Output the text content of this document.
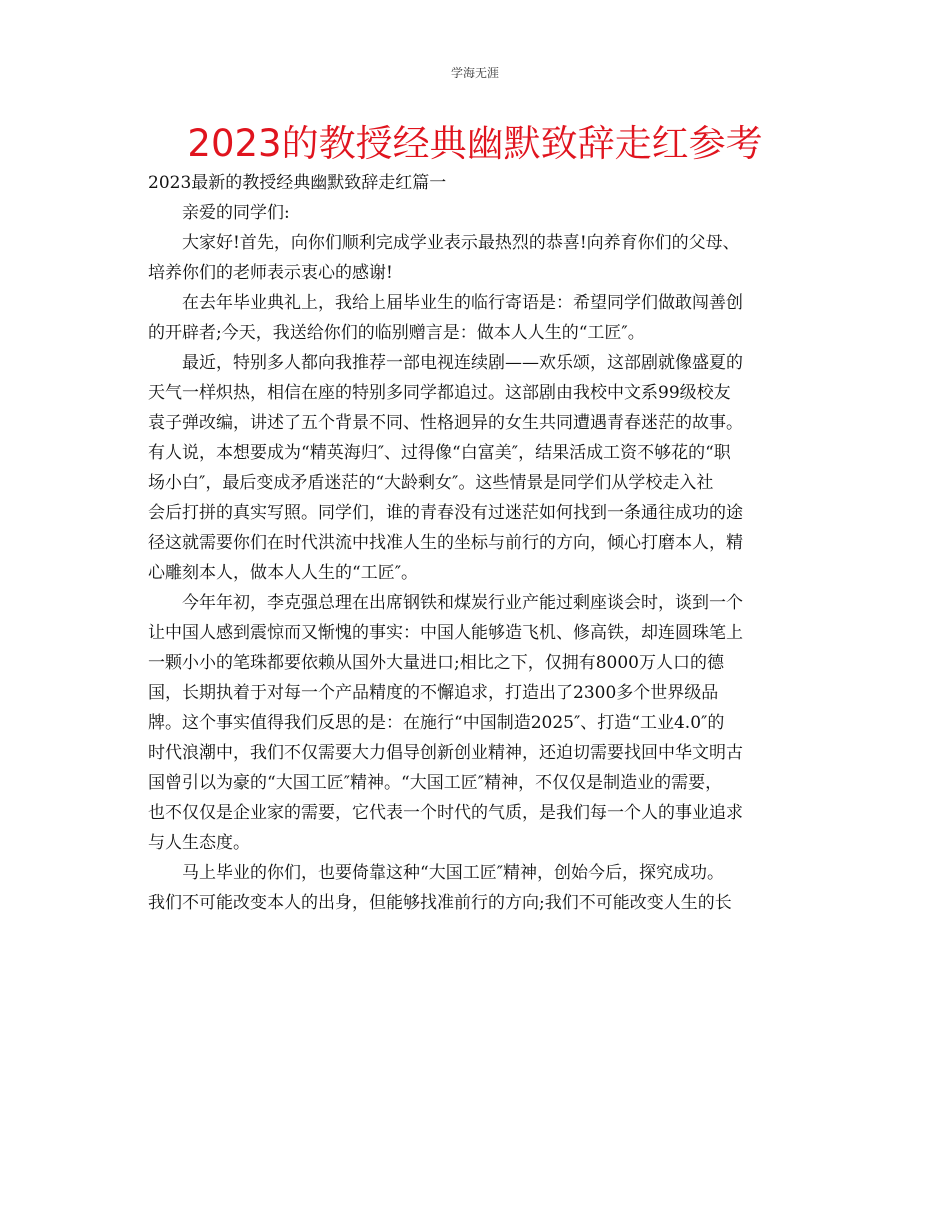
学海无涯
2023的教授经典幽默致辞走红参考
2023最新的教授经典幽默致辞走红篇一
亲爱的同学们:
大家好!首先，向你们顺利完成学业表示最热烈的恭喜!向养育你们的父母、
培养你们的老师表示衷心的感谢!
在去年毕业典礼上，我给上届毕业生的临行寄语是：希望同学们做敢闯善创
的开辟者;今天，我送给你们的临别赠言是：做本人人生的“工匠″。
最近，特别多人都向我推荐一部电视连续剧——欢乐颂，这部剧就像盛夏的
天气一样炽热，相信在座的特别多同学都追过。这部剧由我校中文系99级校友
袁子弹改编，讲述了五个背景不同、性格迥异的女生共同遭遇青春迷茫的故事。
有人说，本想要成为“精英海归″、过得像“白富美″，结果活成工资不够花的“职
场小白″，最后变成矛盾迷茫的“大龄剩女″。这些情景是同学们从学校走入社
会后打拼的真实写照。同学们，谁的青春没有过迷茫如何找到一条通往成功的途
径这就需要你们在时代洪流中找准人生的坐标与前行的方向，倾心打磨本人，精
心雕刻本人，做本人人生的“工匠″。
今年年初，李克强总理在出席钢铁和煤炭行业产能过剩座谈会时，谈到一个
让中国人感到震惊而又惭愧的事实：中国人能够造飞机、修高铁，却连圆珠笔上
一颗小小的笔珠都要依赖从国外大量进口;相比之下，仅拥有8000万人口的德
国，长期执着于对每一个产品精度的不懈追求，打造出了2300多个世界级品
牌。这个事实值得我们反思的是：在施行“中国制造2025″、打造“工业4.0″的
时代浪潮中，我们不仅需要大力倡导创新创业精神，还迫切需要找回中华文明古
国曾引以为豪的“大国工匠″精神。“大国工匠″精神，不仅仅是制造业的需要，
也不仅仅是企业家的需要，它代表一个时代的气质，是我们每一个人的事业追求
与人生态度。
马上毕业的你们，也要倚靠这种“大国工匠″精神，创始今后，探究成功。
我们不可能改变本人的出身，但能够找准前行的方向;我们不可能改变人生的长
